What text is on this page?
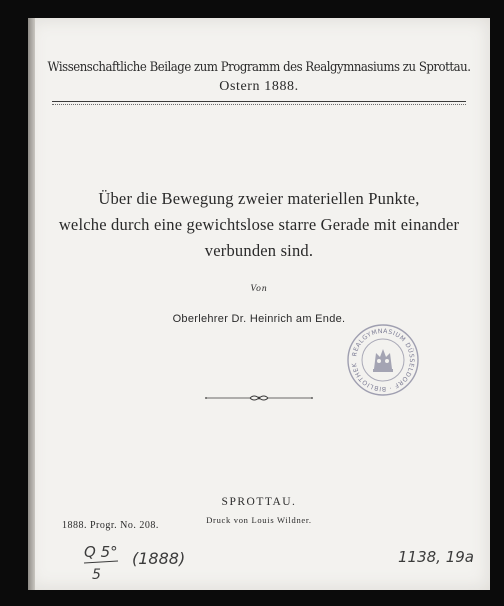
Wissenschaftliche Beilage zum Programm des Realgymnasiums zu Sprottau.
Ostern 1888.
Über die Bewegung zweier materiellen Punkte,
welche durch eine gewichtslose starre Gerade mit einander
verbunden sind.
Von
Oberlehrer Dr. Heinrich am Ende.
REALGYMNASIUM DÜSSELDORF · BIBLIOTHEK
SPROTTAU.
Druck von Louis Wildner.
1888. Progr. No. 208.
Q 5°
5
(1888)	1138, 19a
